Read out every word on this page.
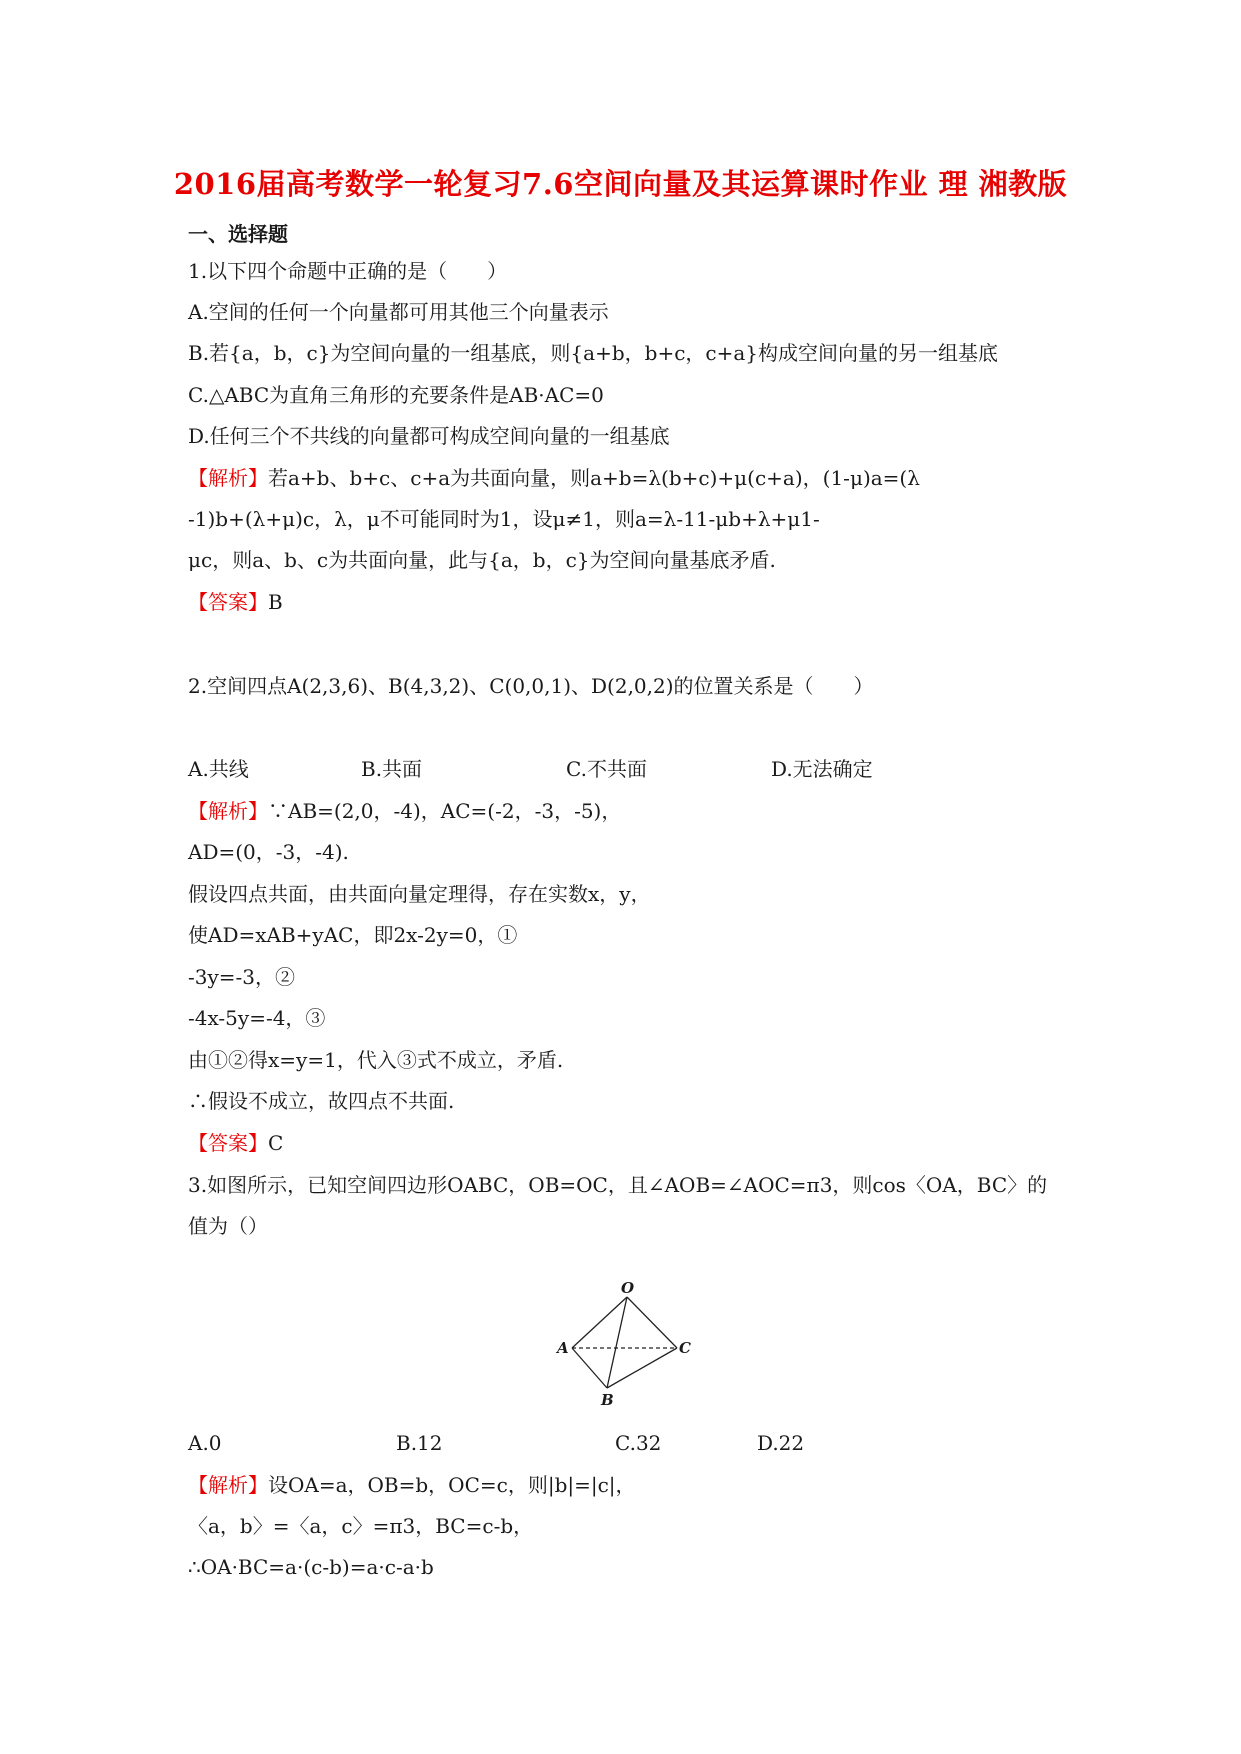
2016届高考数学一轮复习7.6空间向量及其运算课时作业 理 湘教版
一、选择题
1.以下四个命题中正确的是（　　）
A.空间的任何一个向量都可用其他三个向量表示
B.若{a，b，c}为空间向量的一组基底，则{a+b，b+c，c+a}构成空间向量的另一组基底
C.△ABC为直角三角形的充要条件是AB·AC=0
D.任何三个不共线的向量都可构成空间向量的一组基底
【解析】若a+b、b+c、c+a为共面向量，则a+b=λ(b+c)+μ(c+a)，(1-μ)a=(λ
-1)b+(λ+μ)c，λ，μ不可能同时为1，设μ≠1，则a=λ-11-μb+λ+μ1-
μc，则a、b、c为共面向量，此与{a，b，c}为空间向量基底矛盾.
【答案】B
2.空间四点A(2,3,6)、B(4,3,2)、C(0,0,1)、D(2,0,2)的位置关系是（　　）
A.共线	B.共面	C.不共面	D.无法确定
【解析】∵AB=(2,0，-4)，AC=(-2，-3，-5)，
AD=(0，-3，-4).
假设四点共面，由共面向量定理得，存在实数x，y，
使AD=xAB+yAC，即2x-2y=0，①
-3y=-3，②
-4x-5y=-4，③
由①②得x=y=1，代入③式不成立，矛盾.
∴假设不成立，故四点不共面.
【答案】C
3.如图所示，已知空间四边形OABC，OB=OC，且∠AOB=∠AOC=π3，则cos〈OA，BC〉的
值为（）
O
A
B
C
A.0	B.12	C.32	D.22
【解析】设OA=a，OB=b，OC=c，则|b|=|c|，
〈a，b〉=〈a，c〉=π3，BC=c-b，
∴OA·BC=a·(c-b)=a·c-a·b
